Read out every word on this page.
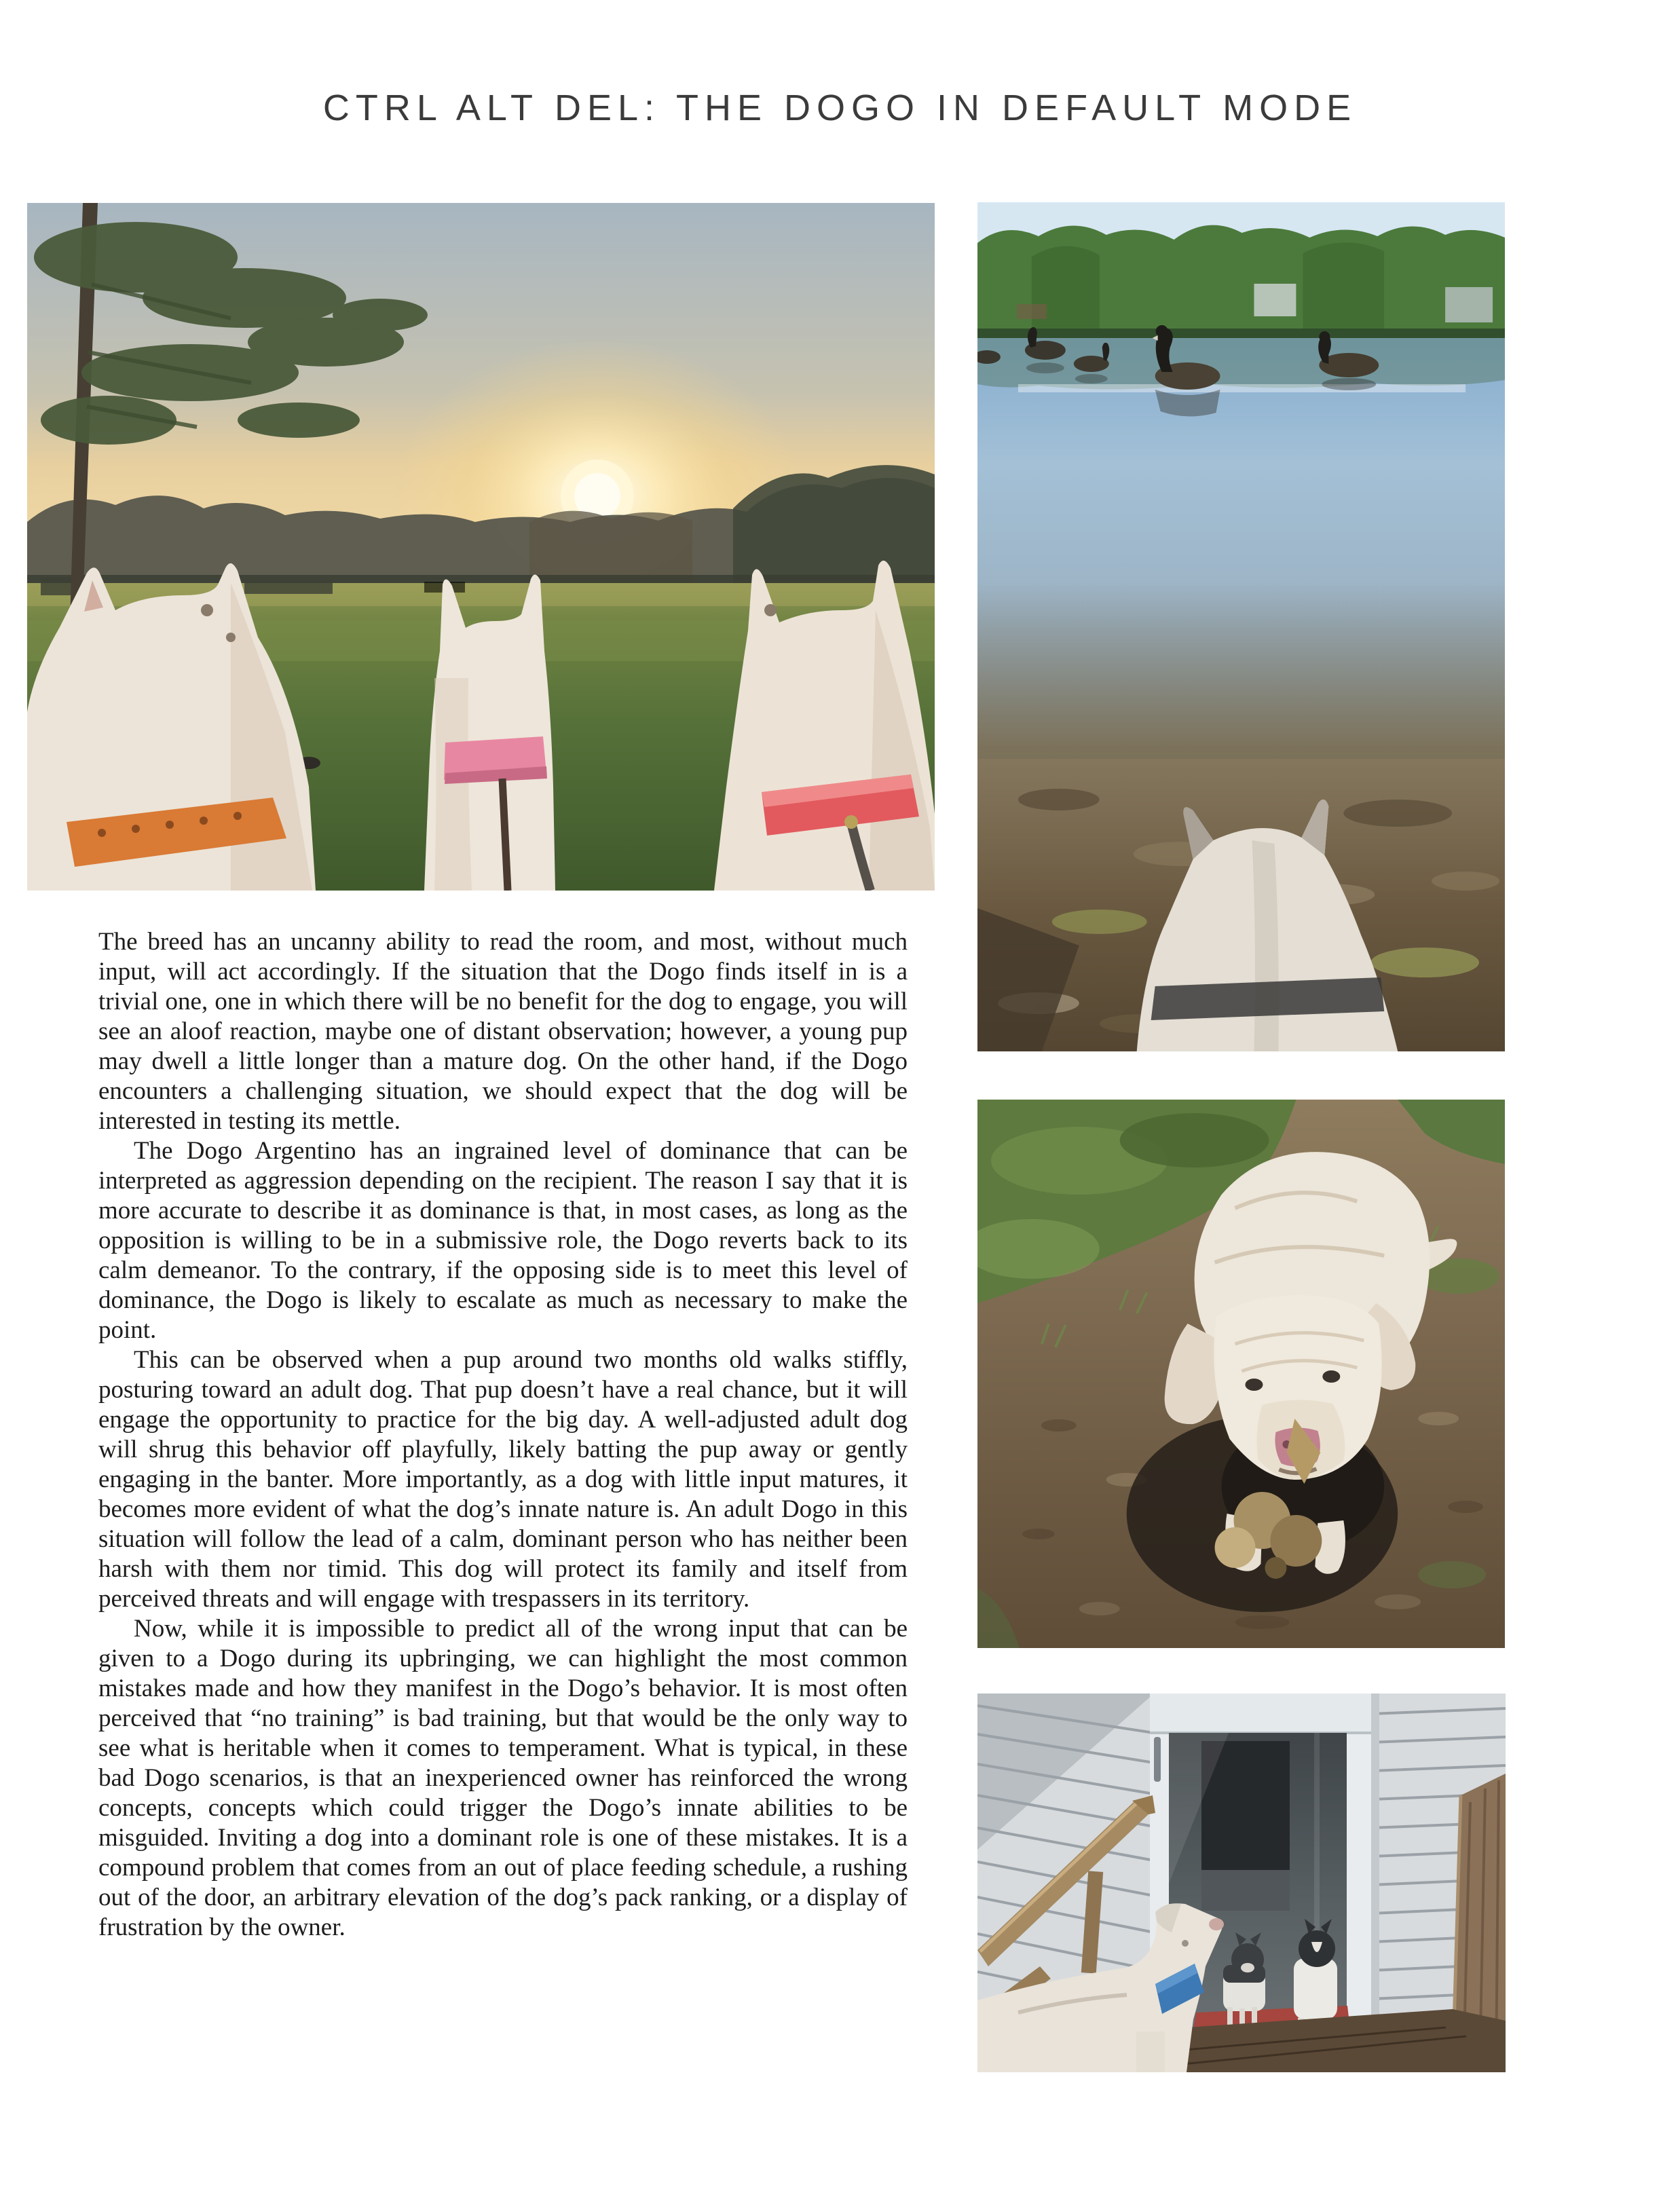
CTRL ALT DEL: THE DOGO IN DEFAULT MODE

The breed has an uncanny ability to read the room, and most, without much input, will act accordingly. If the situation that the Dogo finds itself in is a trivial one, one in which there will be no benefit for the dog to engage, you will see an aloof reaction, maybe one of distant observation; however, a young pup may dwell a little longer than a mature dog. On the other hand, if the Dogo encounters a challenging situation, we should expect that the dog will be interested in testing its mettle.

The Dogo Argentino has an ingrained level of dominance that can be interpreted as aggression depending on the recipient. The reason I say that it is more accurate to describe it as dominance is that, in most cases, as long as the opposition is willing to be in a submissive role, the Dogo reverts back to its calm demeanor. To the contrary, if the opposing side is to meet this level of dominance, the Dogo is likely to escalate as much as necessary to make the point.

This can be observed when a pup around two months old walks stiffly, posturing toward an adult dog. That pup doesn’t have a real chance, but it will engage the opportunity to practice for the big day. A well-adjusted adult dog will shrug this behavior off playfully, likely batting the pup away or gently engaging in the banter. More importantly, as a dog with little input matures, it becomes more evident of what the dog’s innate nature is. An adult Dogo in this situation will follow the lead of a calm, dominant person who has neither been harsh with them nor timid. This dog will protect its family and itself from perceived threats and will engage with trespassers in its territory.

Now, while it is impossible to predict all of the wrong input that can be given to a Dogo during its upbringing, we can highlight the most common mistakes made and how they manifest in the Dogo’s behavior. It is most often perceived that “no training” is bad training, but that would be the only way to see what is heritable when it comes to temperament. What is typical, in these bad Dogo scenarios, is that an inexperienced owner has reinforced the wrong concepts, concepts which could trigger the Dogo’s innate abilities to be misguided. Inviting a dog into a dominant role is one of these mistakes. It is a compound problem that comes from an out of place feeding schedule, a rushing out of the door, an arbitrary elevation of the dog’s pack ranking, or a display of frustration by the owner.
